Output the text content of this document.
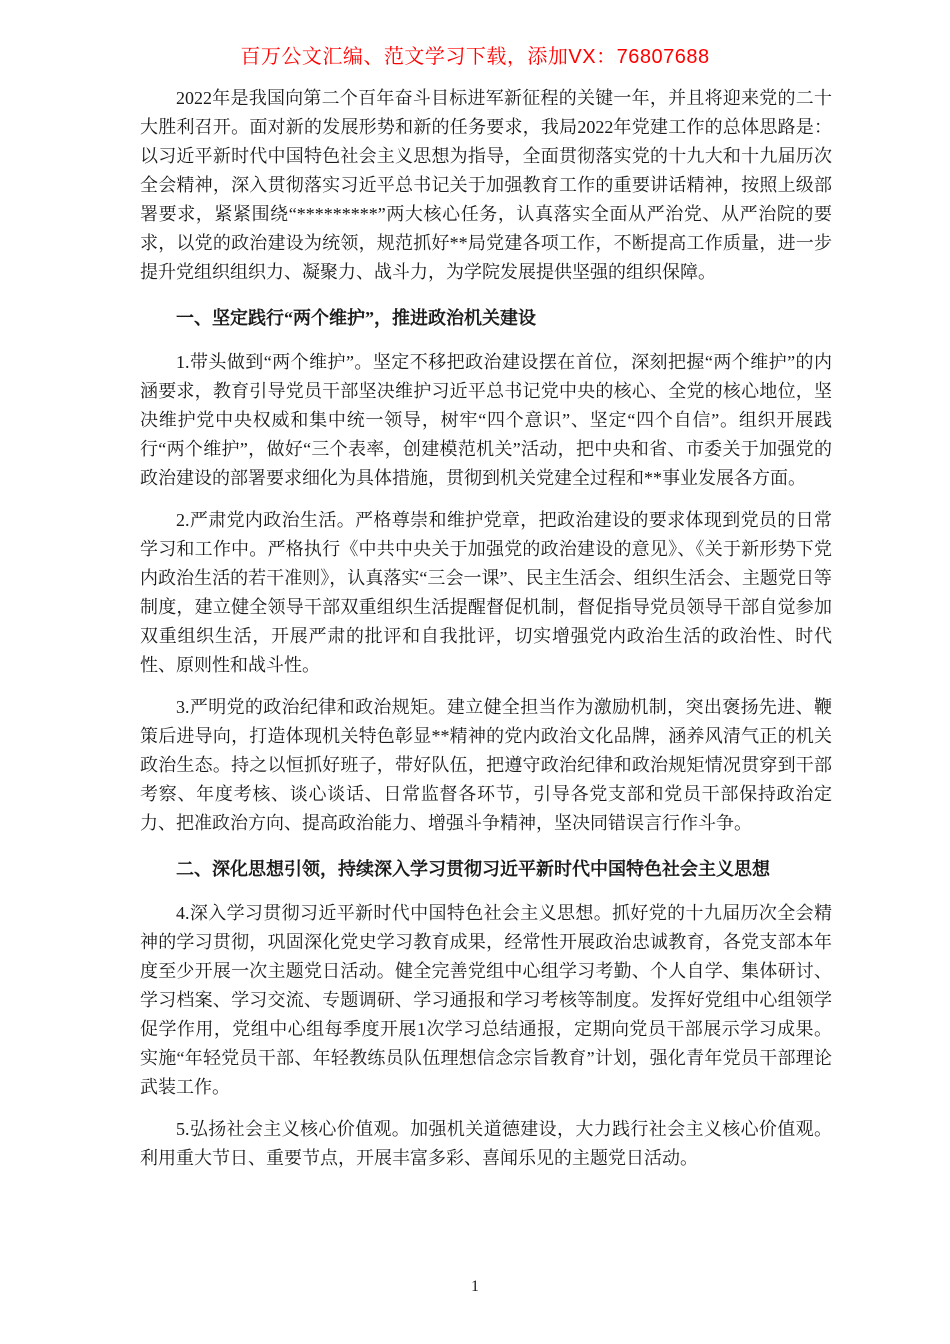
百万公文汇编、范文学习下载，添加VX：76807688

2022年是我国向第二个百年奋斗目标进军新征程的关键一年，并且将迎来党的二十大胜利召开。面对新的发展形势和新的任务要求，我局2022年党建工作的总体思路是：以习近平新时代中国特色社会主义思想为指导，全面贯彻落实党的十九大和十九届历次全会精神，深入贯彻落实习近平总书记关于加强教育工作的重要讲话精神，按照上级部署要求，紧紧围绕“*********”两大核心任务，认真落实全面从严治党、从严治院的要求，以党的政治建设为统领，规范抓好**局党建各项工作，不断提高工作质量，进一步提升党组织组织力、凝聚力、战斗力，为学院发展提供坚强的组织保障。

一、坚定践行“两个维护”，推进政治机关建设

1.带头做到“两个维护”。坚定不移把政治建设摆在首位，深刻把握“两个维护”的内涵要求，教育引导党员干部坚决维护习近平总书记党中央的核心、全党的核心地位，坚决维护党中央权威和集中统一领导，树牢“四个意识”、坚定“四个自信”。组织开展践行“两个维护”，做好“三个表率，创建模范机关”活动，把中央和省、市委关于加强党的政治建设的部署要求细化为具体措施，贯彻到机关党建全过程和**事业发展各方面。

2.严肃党内政治生活。严格尊崇和维护党章，把政治建设的要求体现到党员的日常学习和工作中。严格执行《中共中央关于加强党的政治建设的意见》、《关于新形势下党内政治生活的若干准则》，认真落实“三会一课”、民主生活会、组织生活会、主题党日等制度，建立健全领导干部双重组织生活提醒督促机制，督促指导党员领导干部自觉参加双重组织生活，开展严肃的批评和自我批评，切实增强党内政治生活的政治性、时代性、原则性和战斗性。

3.严明党的政治纪律和政治规矩。建立健全担当作为激励机制，突出褒扬先进、鞭策后进导向，打造体现机关特色彰显**精神的党内政治文化品牌，涵养风清气正的机关政治生态。持之以恒抓好班子，带好队伍，把遵守政治纪律和政治规矩情况贯穿到干部考察、年度考核、谈心谈话、日常监督各环节，引导各党支部和党员干部保持政治定力、把准政治方向、提高政治能力、增强斗争精神，坚决同错误言行作斗争。

二、深化思想引领，持续深入学习贯彻习近平新时代中国特色社会主义思想

4.深入学习贯彻习近平新时代中国特色社会主义思想。抓好党的十九届历次全会精神的学习贯彻，巩固深化党史学习教育成果，经常性开展政治忠诚教育，各党支部本年度至少开展一次主题党日活动。健全完善党组中心组学习考勤、个人自学、集体研讨、学习档案、学习交流、专题调研、学习通报和学习考核等制度。发挥好党组中心组领学促学作用，党组中心组每季度开展1次学习总结通报，定期向党员干部展示学习成果。实施“年轻党员干部、年轻教练员队伍理想信念宗旨教育”计划，强化青年党员干部理论武装工作。

5.弘扬社会主义核心价值观。加强机关道德建设，大力践行社会主义核心价值观。利用重大节日、重要节点，开展丰富多彩、喜闻乐见的主题党日活动。

1
